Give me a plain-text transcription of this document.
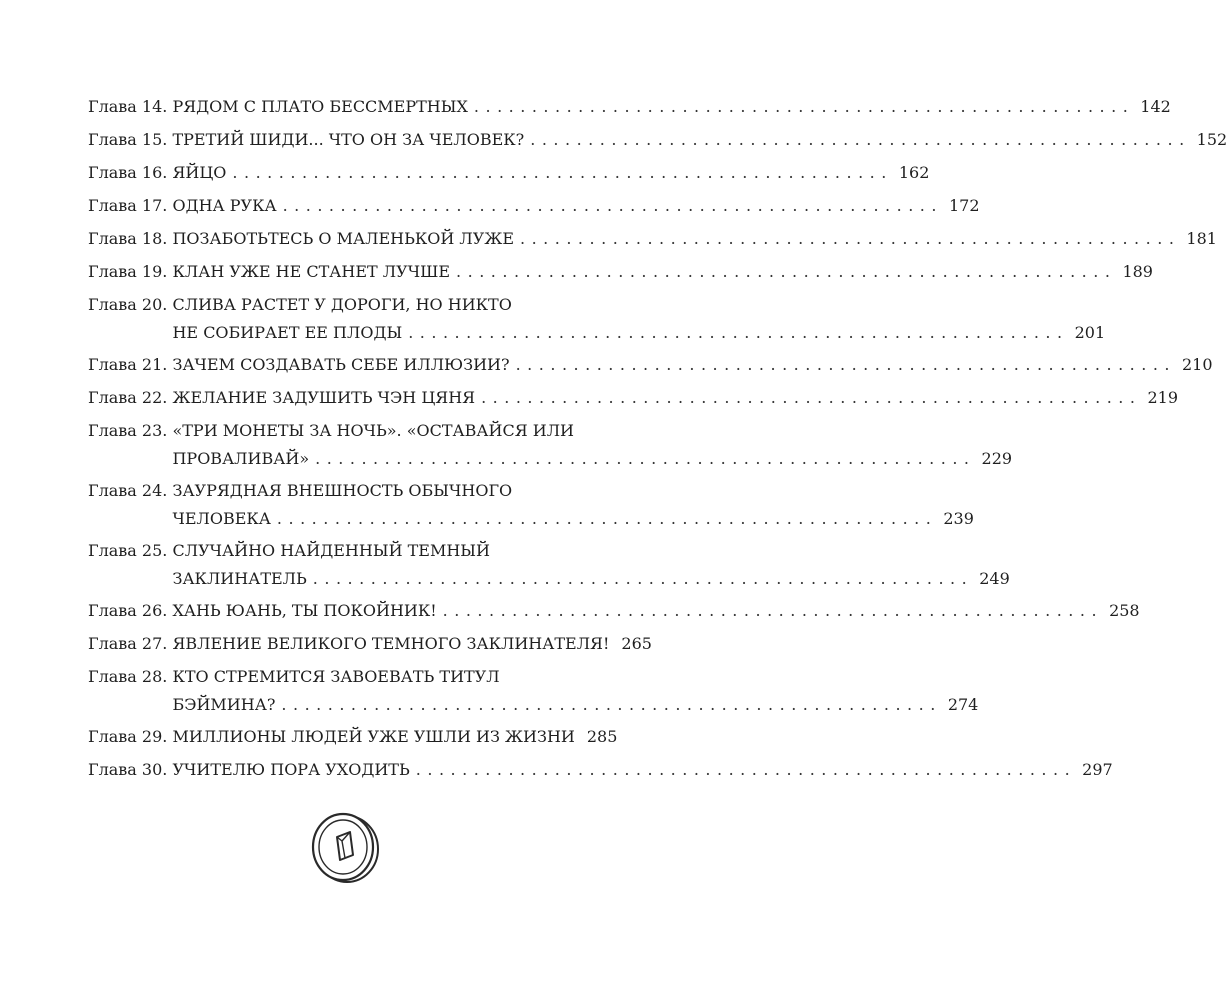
Глава 14. РЯДОМ С ПЛАТО БЕССМЕРТНЫХ ......................................................... 142
Глава 15. ТРЕТИЙ ШИДИ... ЧТО ОН ЗА ЧЕЛОВЕК? ......................................................... 152
Глава 16. ЯЙЦО ......................................................... 162
Глава 17. ОДНА РУКА ......................................................... 172
Глава 18. ПОЗАБОТЬТЕСЬ О МАЛЕНЬКОЙ ЛУЖЕ ......................................................... 181
Глава 19. КЛАН УЖЕ НЕ СТАНЕТ ЛУЧШЕ ......................................................... 189
Глава 20. СЛИВА РАСТЕТ У ДОРОГИ, НО НИКТО
НЕ СОБИРАЕТ ЕЕ ПЛОДЫ ......................................................... 201
Глава 21. ЗАЧЕМ СОЗДАВАТЬ СЕБЕ ИЛЛЮЗИИ? ......................................................... 210
Глава 22. ЖЕЛАНИЕ ЗАДУШИТЬ ЧЭН ЦЯНЯ ......................................................... 219
Глава 23. «ТРИ МОНЕТЫ ЗА НОЧЬ». «ОСТАВАЙСЯ ИЛИ
ПРОВАЛИВАЙ» ......................................................... 229
Глава 24. ЗАУРЯДНАЯ ВНЕШНОСТЬ ОБЫЧНОГО
ЧЕЛОВЕКА ......................................................... 239
Глава 25. СЛУЧАЙНО НАЙДЕННЫЙ ТЕМНЫЙ
ЗАКЛИНАТЕЛЬ ......................................................... 249
Глава 26. ХАНЬ ЮАНЬ, ТЫ ПОКОЙНИК! ......................................................... 258
Глава 27. ЯВЛЕНИЕ ВЕЛИКОГО ТЕМНОГО ЗАКЛИНАТЕЛЯ! 265
Глава 28. КТО СТРЕМИТСЯ ЗАВОЕВАТЬ ТИТУЛ
БЭЙМИНА? ......................................................... 274
Глава 29. МИЛЛИОНЫ ЛЮДЕЙ УЖЕ УШЛИ ИЗ ЖИЗНИ 285
Глава 30. УЧИТЕЛЮ ПОРА УХОДИТЬ ......................................................... 297
